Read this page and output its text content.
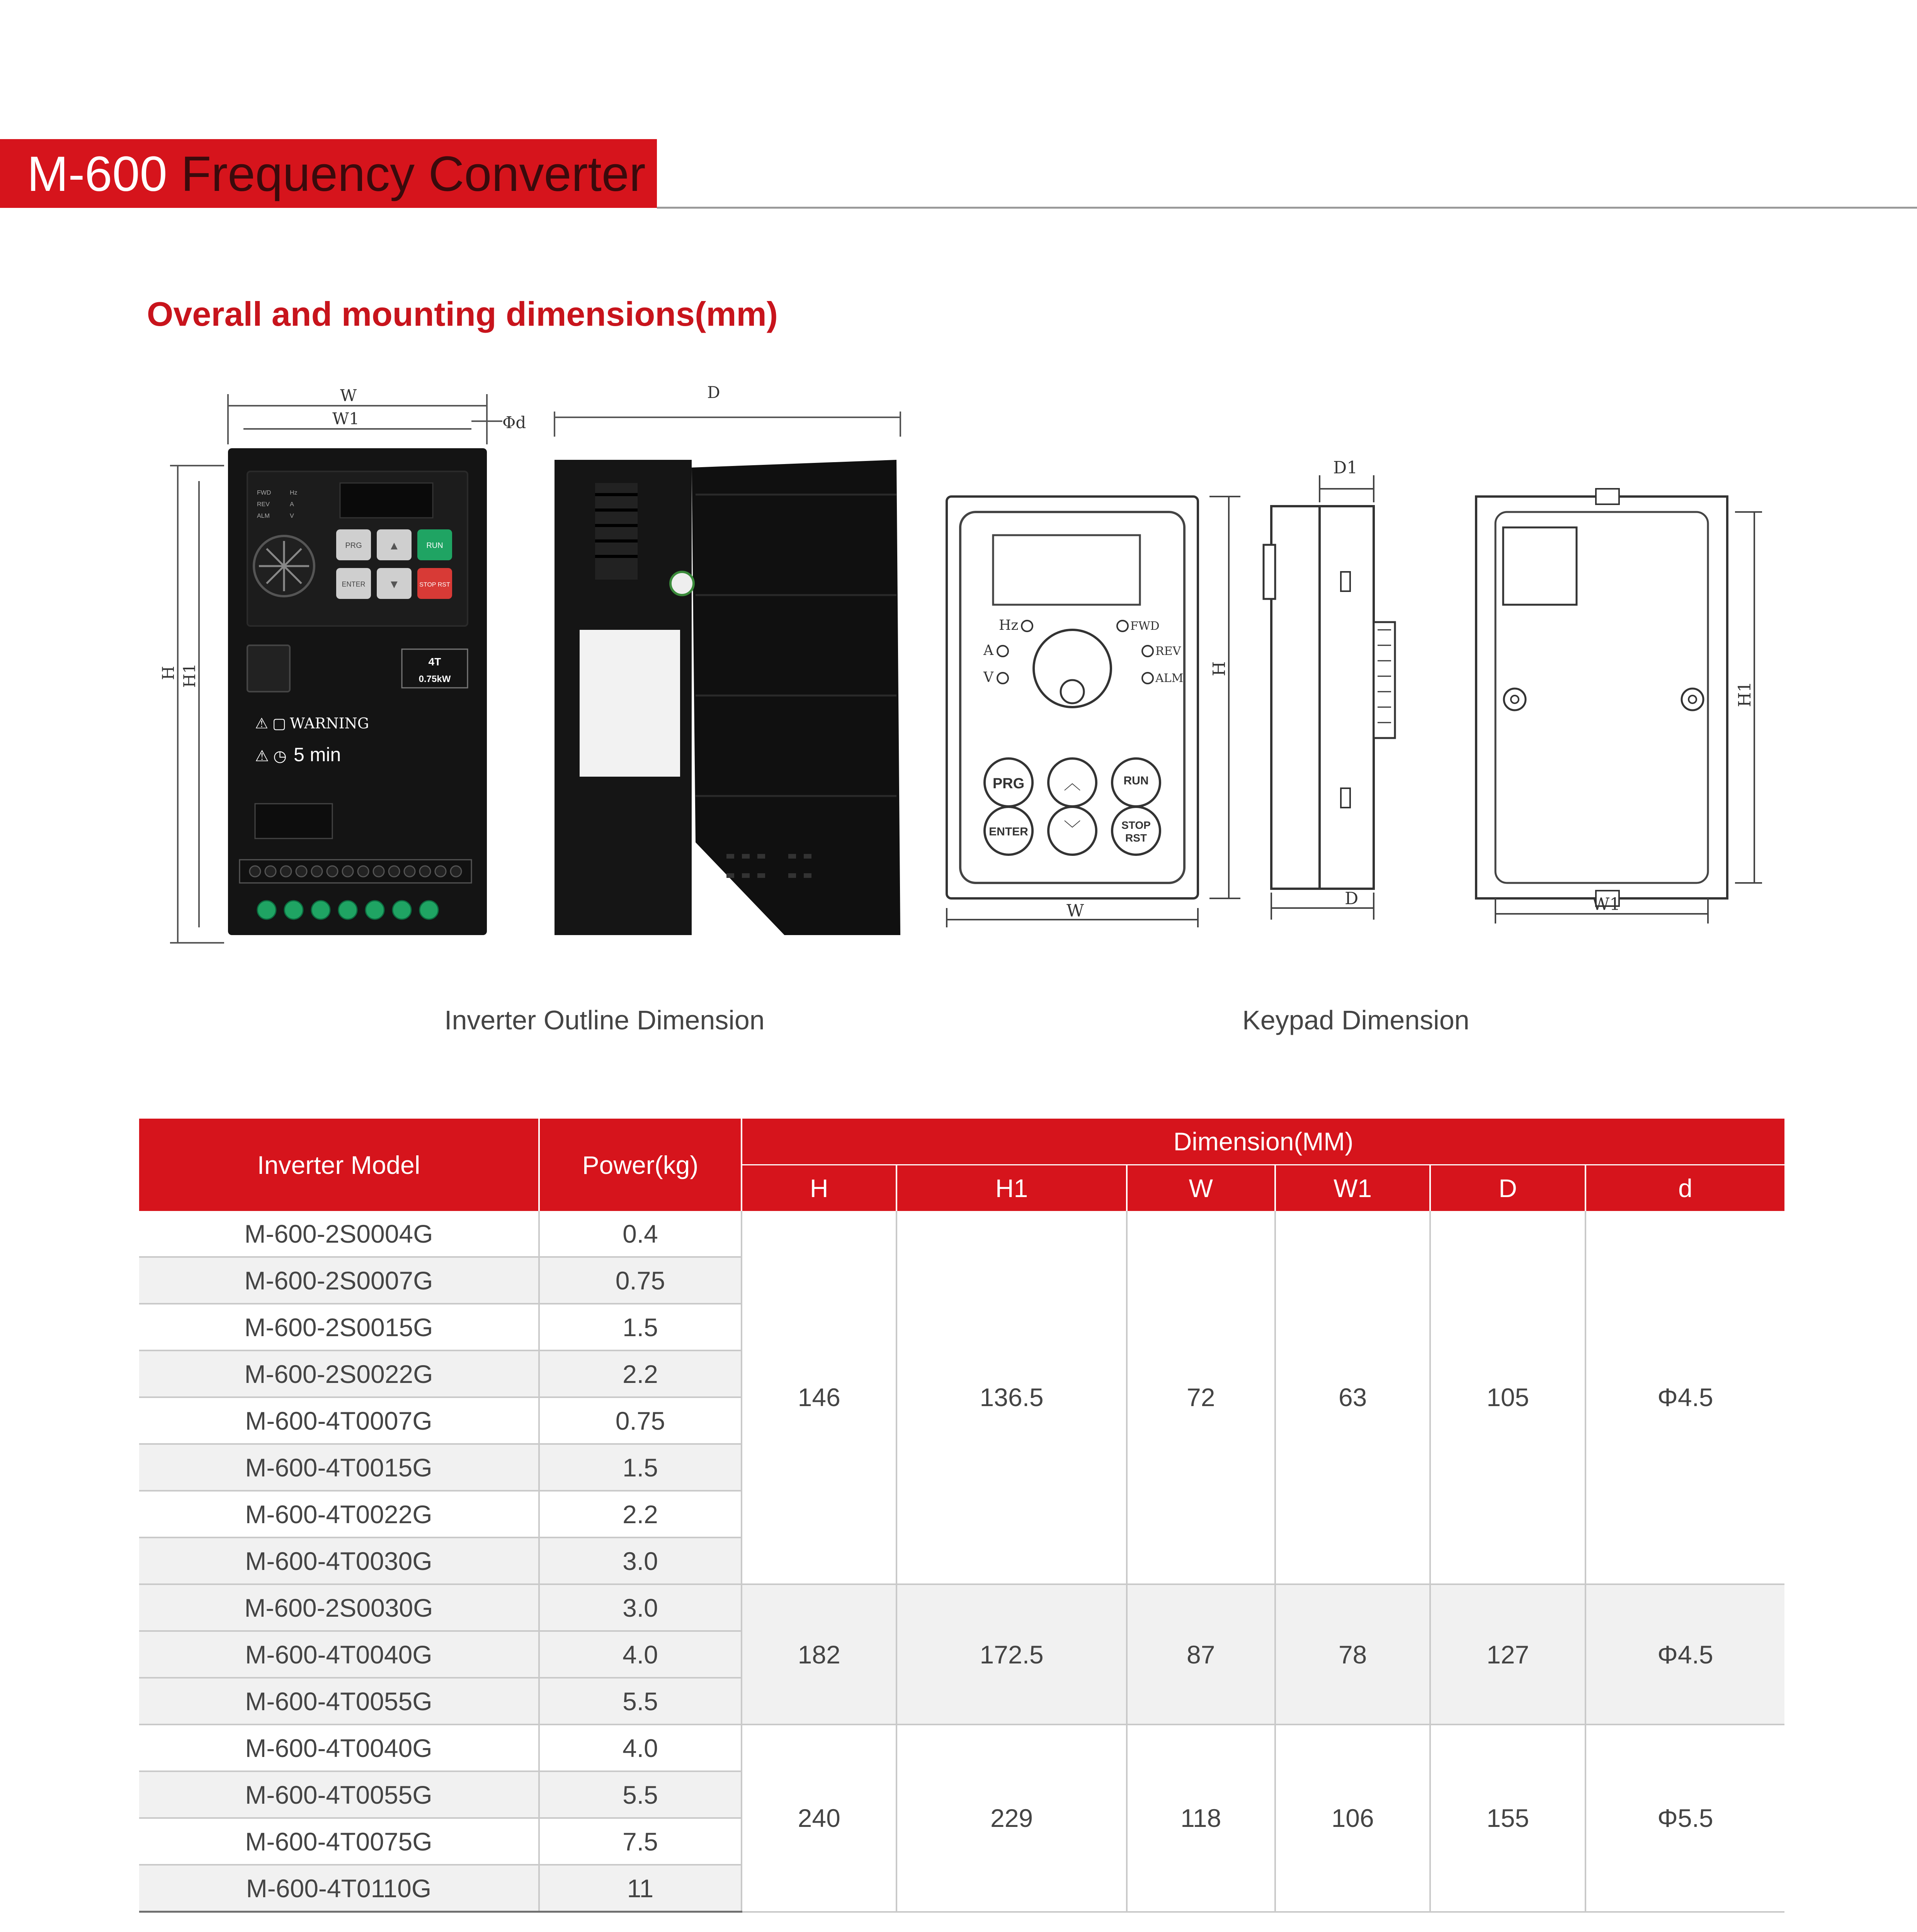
M-600 Frequency Converter
Overall and mounting dimensions(mm)
W
W1	Φd
D
H H1
FWD
REV
ALM
Hz
A
V
PRG ▲	RUN
ENTER ▼	STOP RST
4T
0.75kW
⚠ ▢ WARNING
⚠ ◷ 5 min
Hz
A
V
FWD
REV
ALM
PRG
ENTER
︿
﹀
RUN
STOP
RST
H
W
D1
D
H1
W1
Inverter Outline Dimension	Keypad Dimension
Inverter Model	Power(kg)	Dimension(MM)					
		H	H1	W	W1	D	d
M-600-2S0004G	0.4	146	136.5	72	63	105	Φ4.5
M-600-2S0007G	0.75						
M-600-2S0015G	1.5						
M-600-2S0022G	2.2						
M-600-4T0007G	0.75						
M-600-4T0015G	1.5						
M-600-4T0022G	2.2						
M-600-4T0030G	3.0						
M-600-2S0030G	3.0	182	172.5	87	78	127	Φ4.5
M-600-4T0040G	4.0						
M-600-4T0055G	5.5						
M-600-4T0040G	4.0	240	229	118	106	155	Φ5.5
M-600-4T0055G	5.5						
M-600-4T0075G	7.5						
M-600-4T0110G	11						
